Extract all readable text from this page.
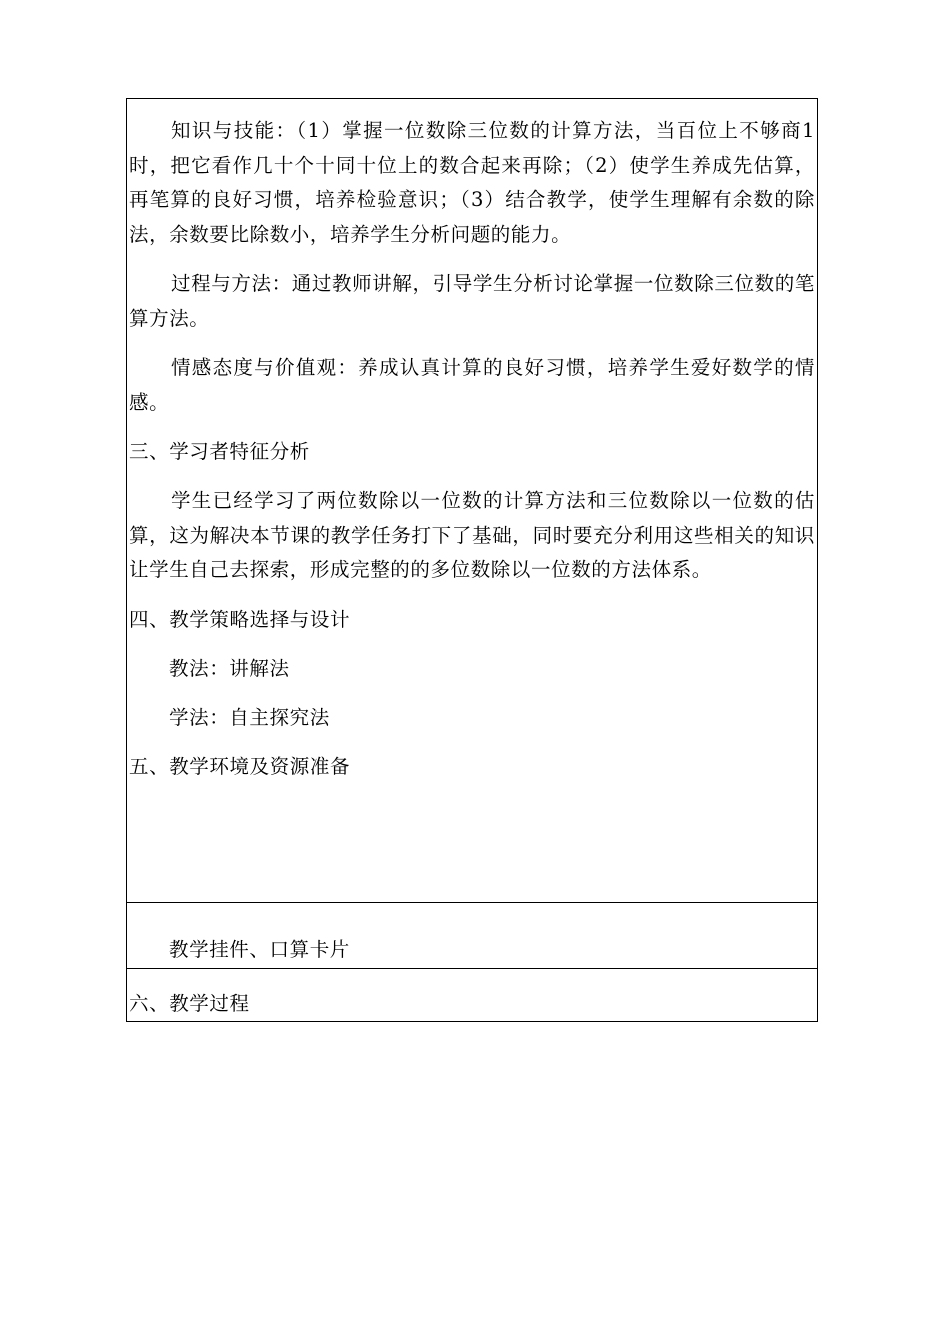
知识与技能：（1）掌握一位数除三位数的计算方法，当百位上不够商1时，把它看作几十个十同十位上的数合起来再除；（2）使学生养成先估算，再笔算的良好习惯，培养检验意识；（3）结合教学，使学生理解有余数的除法，余数要比除数小，培养学生分析问题的能力。

过程与方法：通过教师讲解，引导学生分析讨论掌握一位数除三位数的笔算方法。

情感态度与价值观：养成认真计算的良好习惯，培养学生爱好数学的情感。

三、学习者特征分析

学生已经学习了两位数除以一位数的计算方法和三位数除以一位数的估算，这为解决本节课的教学任务打下了基础，同时要充分利用这些相关的知识让学生自己去探索，形成完整的的多位数除以一位数的方法体系。

四、教学策略选择与设计

教法：讲解法

学法：自主探究法

五、教学环境及资源准备

教学挂件、口算卡片

六、教学过程
